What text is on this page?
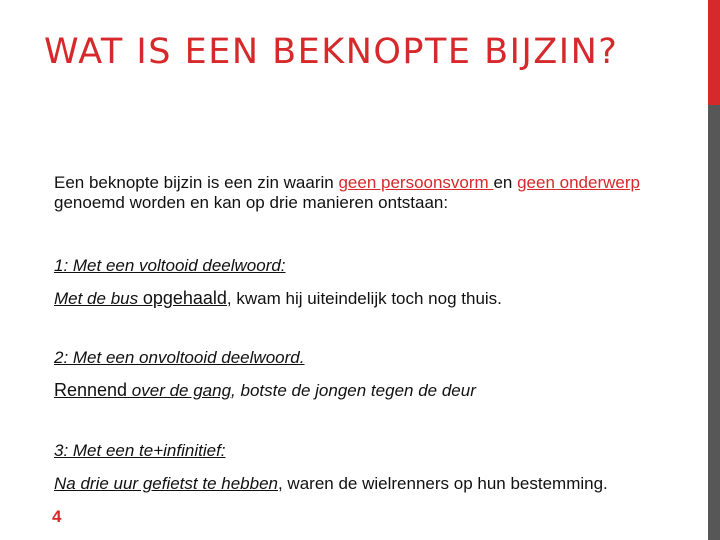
WAT IS EEN BEKNOPTE BIJZIN?
Een beknopte bijzin is een zin waarin geen persoonsvorm en geen onderwerp genoemd worden en kan op drie manieren ontstaan:
1: Met een voltooid deelwoord:
Met de bus opgehaald, kwam hij uiteindelijk toch nog thuis.
2: Met een onvoltooid deelwoord.
Rennend over de gang, botste de jongen tegen de deur
3: Met een te+infinitief:
Na drie uur gefietst te hebben, waren de wielrenners op hun bestemming.
4
